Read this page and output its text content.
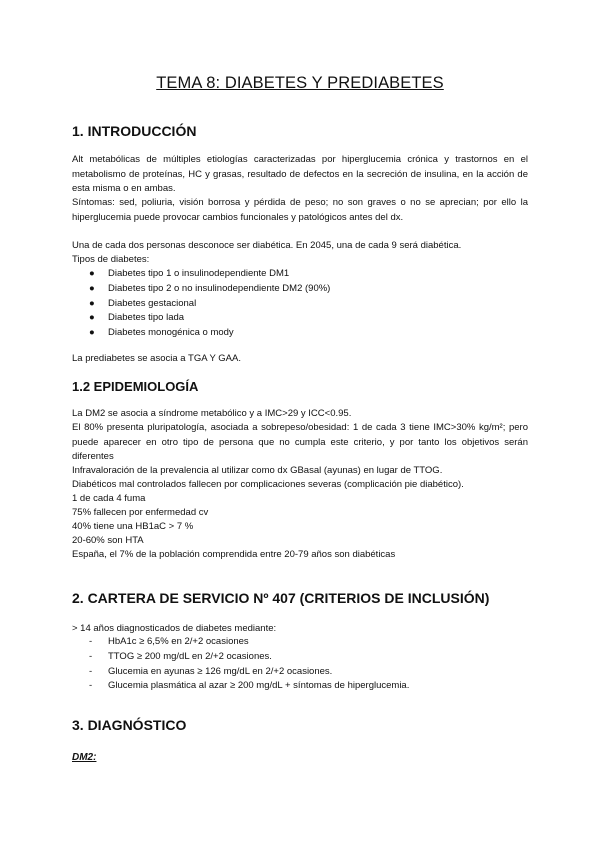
TEMA 8: DIABETES Y PREDIABETES
1. INTRODUCCIÓN
Alt metabólicas de múltiples etiologías caracterizadas por hiperglucemia crónica y trastornos en el metabolismo de proteínas, HC y grasas, resultado de defectos en la secreción de insulina, en la acción de esta misma o en ambas.
Síntomas: sed, poliuria, visión borrosa y pérdida de peso; no son graves o no se aprecian; por ello la hiperglucemia puede provocar cambios funcionales y patológicos antes del dx.
Una de cada dos personas desconoce ser diabética. En 2045, una de cada 9 será diabética.
Tipos de diabetes:
● Diabetes tipo 1 o insulinodependiente DM1
● Diabetes tipo 2 o no insulinodependiente DM2 (90%)
● Diabetes gestacional
● Diabetes tipo lada
● Diabetes monogénica o mody
La prediabetes se asocia a TGA Y GAA.
1.2 EPIDEMIOLOGÍA
La DM2 se asocia a síndrome metabólico y a IMC>29 y ICC<0.95.
El 80% presenta pluripatología, asociada a sobrepeso/obesidad: 1 de cada 3 tiene IMC>30% kg/m²; pero puede aparecer en otro tipo de persona que no cumpla este criterio, y por tanto los objetivos serán diferentes
Infravaloración de la prevalencia al utilizar como dx GBasal (ayunas) en lugar de TTOG.
Diabéticos mal controlados fallecen por complicaciones severas (complicación pie diabético).
1 de cada 4 fuma
75% fallecen por enfermedad cv
40% tiene una HB1aC > 7 %
20-60% son HTA
España, el 7% de la población comprendida entre 20-79 años son diabéticas
2. CARTERA DE SERVICIO Nº 407 (CRITERIOS DE INCLUSIÓN)
> 14 años diagnosticados de diabetes mediante:
- HbA1c ≥ 6,5% en 2/+2 ocasiones
- TTOG ≥ 200 mg/dL en 2/+2 ocasiones.
- Glucemia en ayunas ≥ 126 mg/dL en 2/+2 ocasiones.
- Glucemia plasmática al azar ≥ 200 mg/dL + síntomas de hiperglucemia.
3. DIAGNÓSTICO
DM2:
